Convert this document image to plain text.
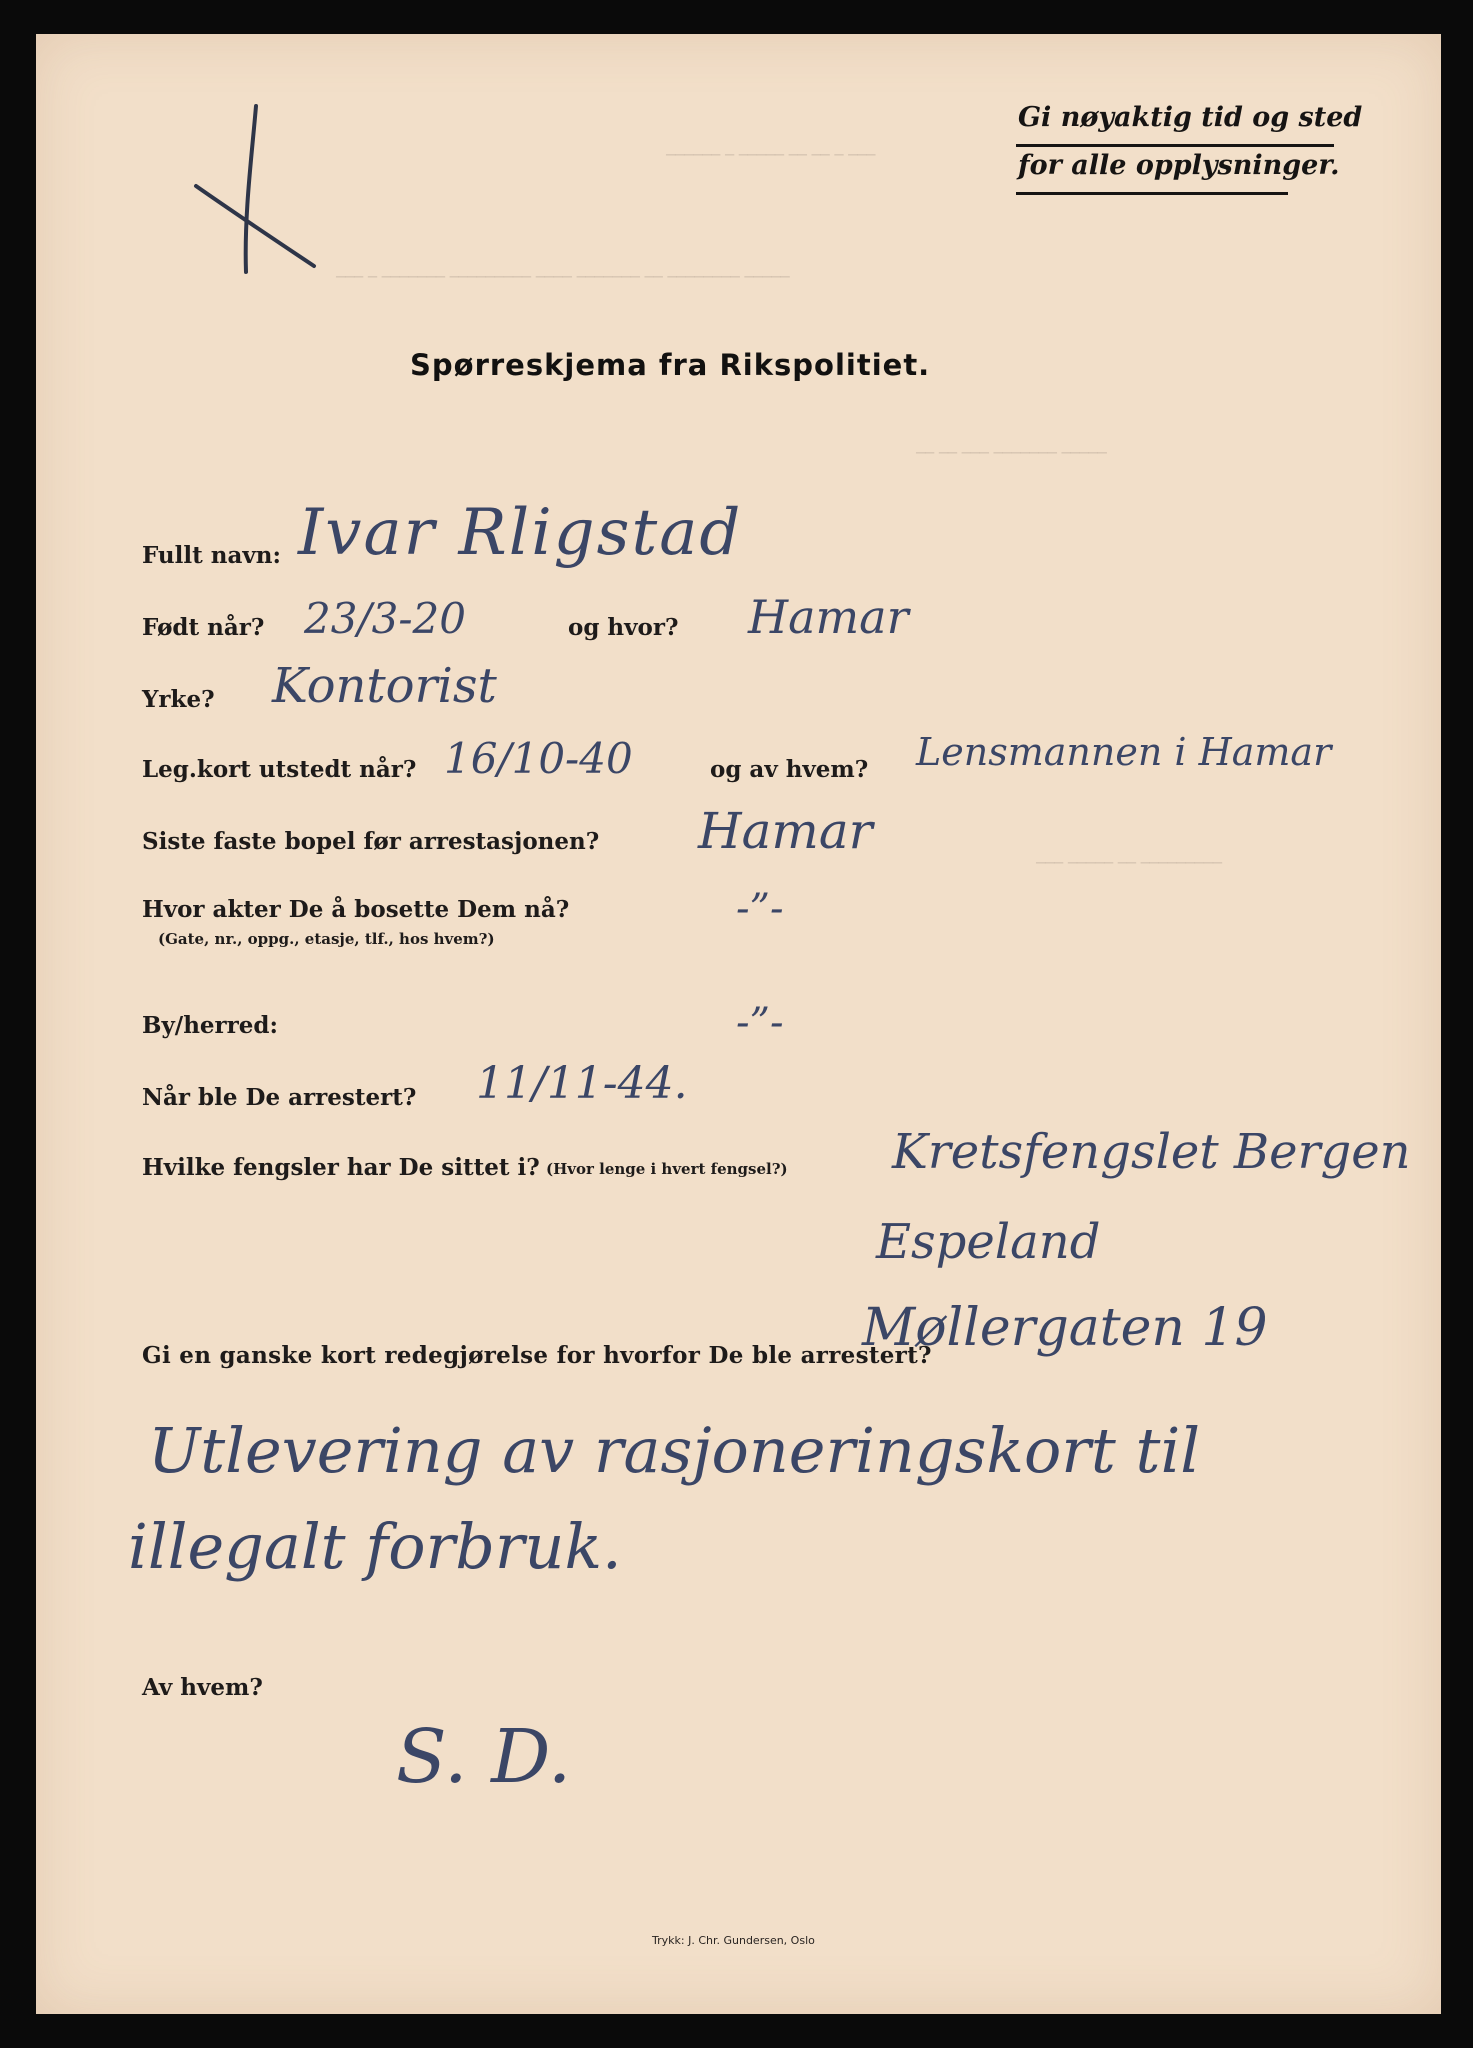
────── ─ ───── ── ── ─ ───
─── ─ ─────── ───────── ──── ─────── ── ──────── ─────
── ── ─── ─────── ─────
─── ───── ── ─────────
Gi nøyaktig tid og sted
for alle opplysninger.
Spørreskjema fra Rikspolitiet.
Fullt navn: Ivar Rligstad
Født når? 23/3-20	og hvor? Hamar
Yrke? Kontorist
Leg.kort utstedt når? 16/10-40	og av hvem? Lensmannen i Hamar
Siste faste bopel før arrestasjonen? Hamar
Hvor akter De å bosette Dem nå?
(Gate, nr., oppg., etasje, tlf., hos hvem?)
-”-
By/herred:	-”-
Når ble De arrestert? 11/11-44.
Hvilke fengsler har De sittet i? (Hvor lenge i hvert fengsel?) Kretsfengslet Bergen
Espeland
Møllergaten 19
Gi en ganske kort redegjørelse for hvorfor De ble arrestert?
Utlevering av rasjoneringskort til
illegalt forbruk.
Av hvem?
S. D.
Trykk: J. Chr. Gundersen, Oslo
